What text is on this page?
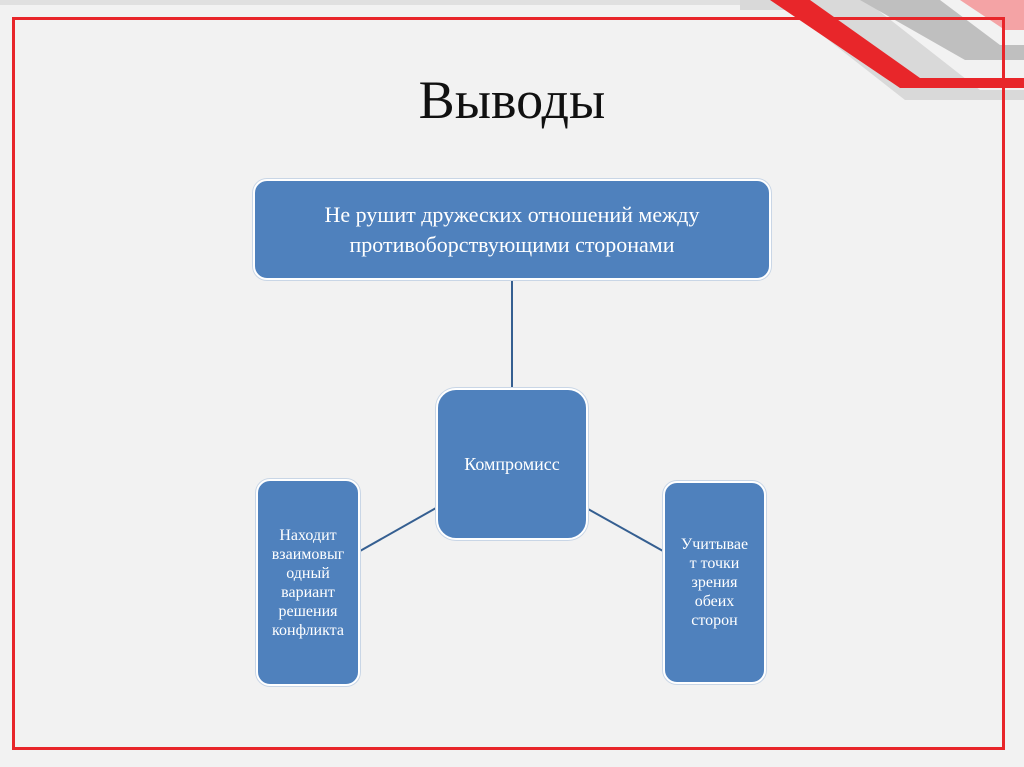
Выводы
Не рушит дружеских отношений между
противоборствующими сторонами
Компромисс
Находит
взаимовыг
одный
вариант
решения
конфликта
Учитывае
т точки
зрения
обеих
сторон
